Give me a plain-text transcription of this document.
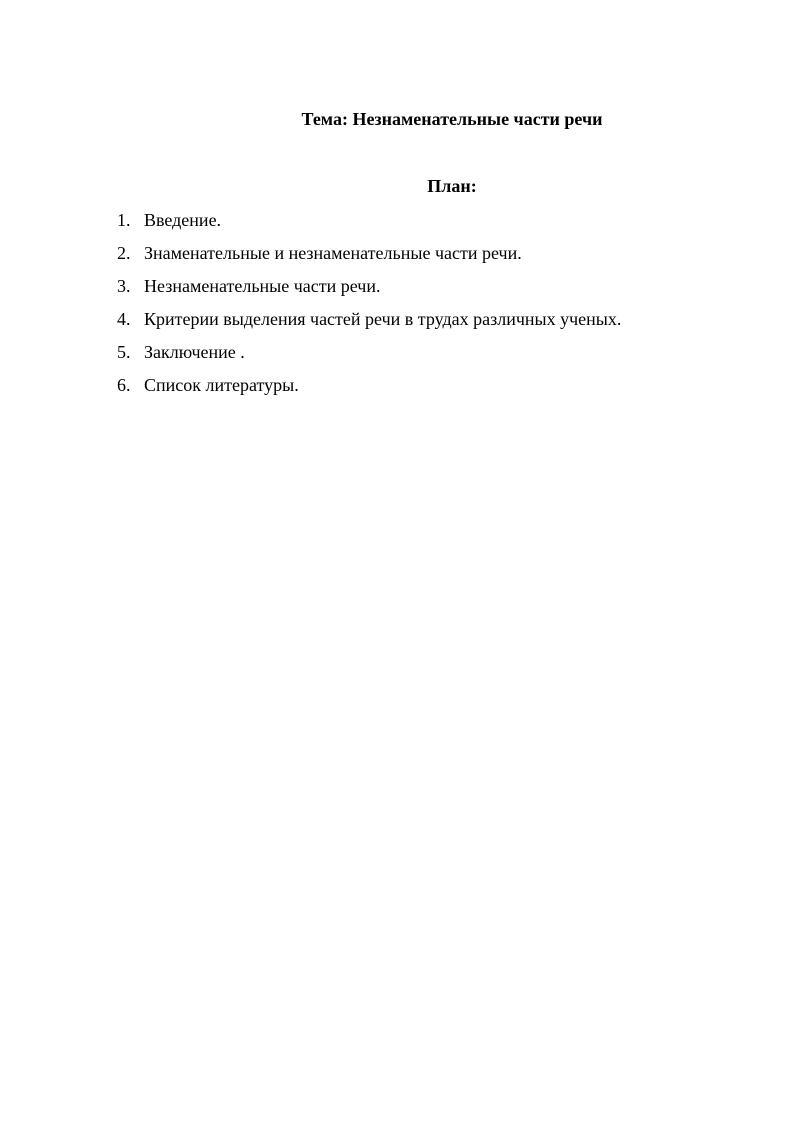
Тема: Незнаменательные части речи
План:
1. Введение.
2. Знаменательные и незнаменательные части речи.
3. Незнаменательные части речи.
4. Критерии выделения частей речи в трудах различных ученых.
5. Заключение .
6. Список литературы.
